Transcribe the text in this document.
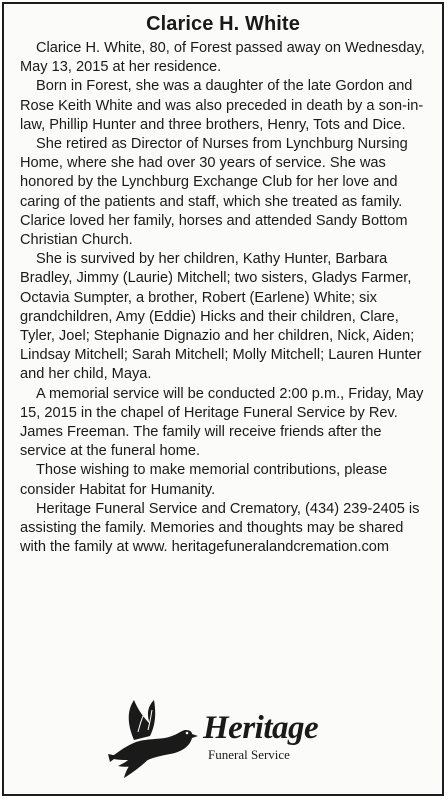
Clarice H. White

Clarice H. White, 80, of Forest passed away on Wednesday, May 13, 2015 at her residence.

Born in Forest, she was a daughter of the late Gordon and Rose Keith White and was also preceded in death by a son-in-law, Phillip Hunter and three brothers, Henry, Tots and Dice.

She retired as Director of Nurses from Lynchburg Nursing Home, where she had over 30 years of service. She was honored by the Lynchburg Exchange Club for her love and caring of the patients and staff, which she treated as family. Clarice loved her family, horses and attended Sandy Bottom Christian Church.

She is survived by her children, Kathy Hunter, Barbara Bradley, Jimmy (Laurie) Mitchell; two sisters, Gladys Farmer, Octavia Sumpter, a brother, Robert (Earlene) White; six grandchildren, Amy (Eddie) Hicks and their children, Clare, Tyler, Joel; Stephanie Dignazio and her children, Nick, Aiden; Lindsay Mitchell; Sarah Mitchell; Molly Mitchell; Lauren Hunter and her child, Maya.

A memorial service will be conducted 2:00 p.m., Friday, May 15, 2015 in the chapel of Heritage Funeral Service by Rev. James Freeman. The family will receive friends after the service at the funeral home.

Those wishing to make memorial contributions, please consider Habitat for Humanity.

Heritage Funeral Service and Crematory, (434) 239-2405 is assisting the family. Memories and thoughts may be shared with the family at www. heritagefuneralandcremation.com

Heritage
Funeral Service
